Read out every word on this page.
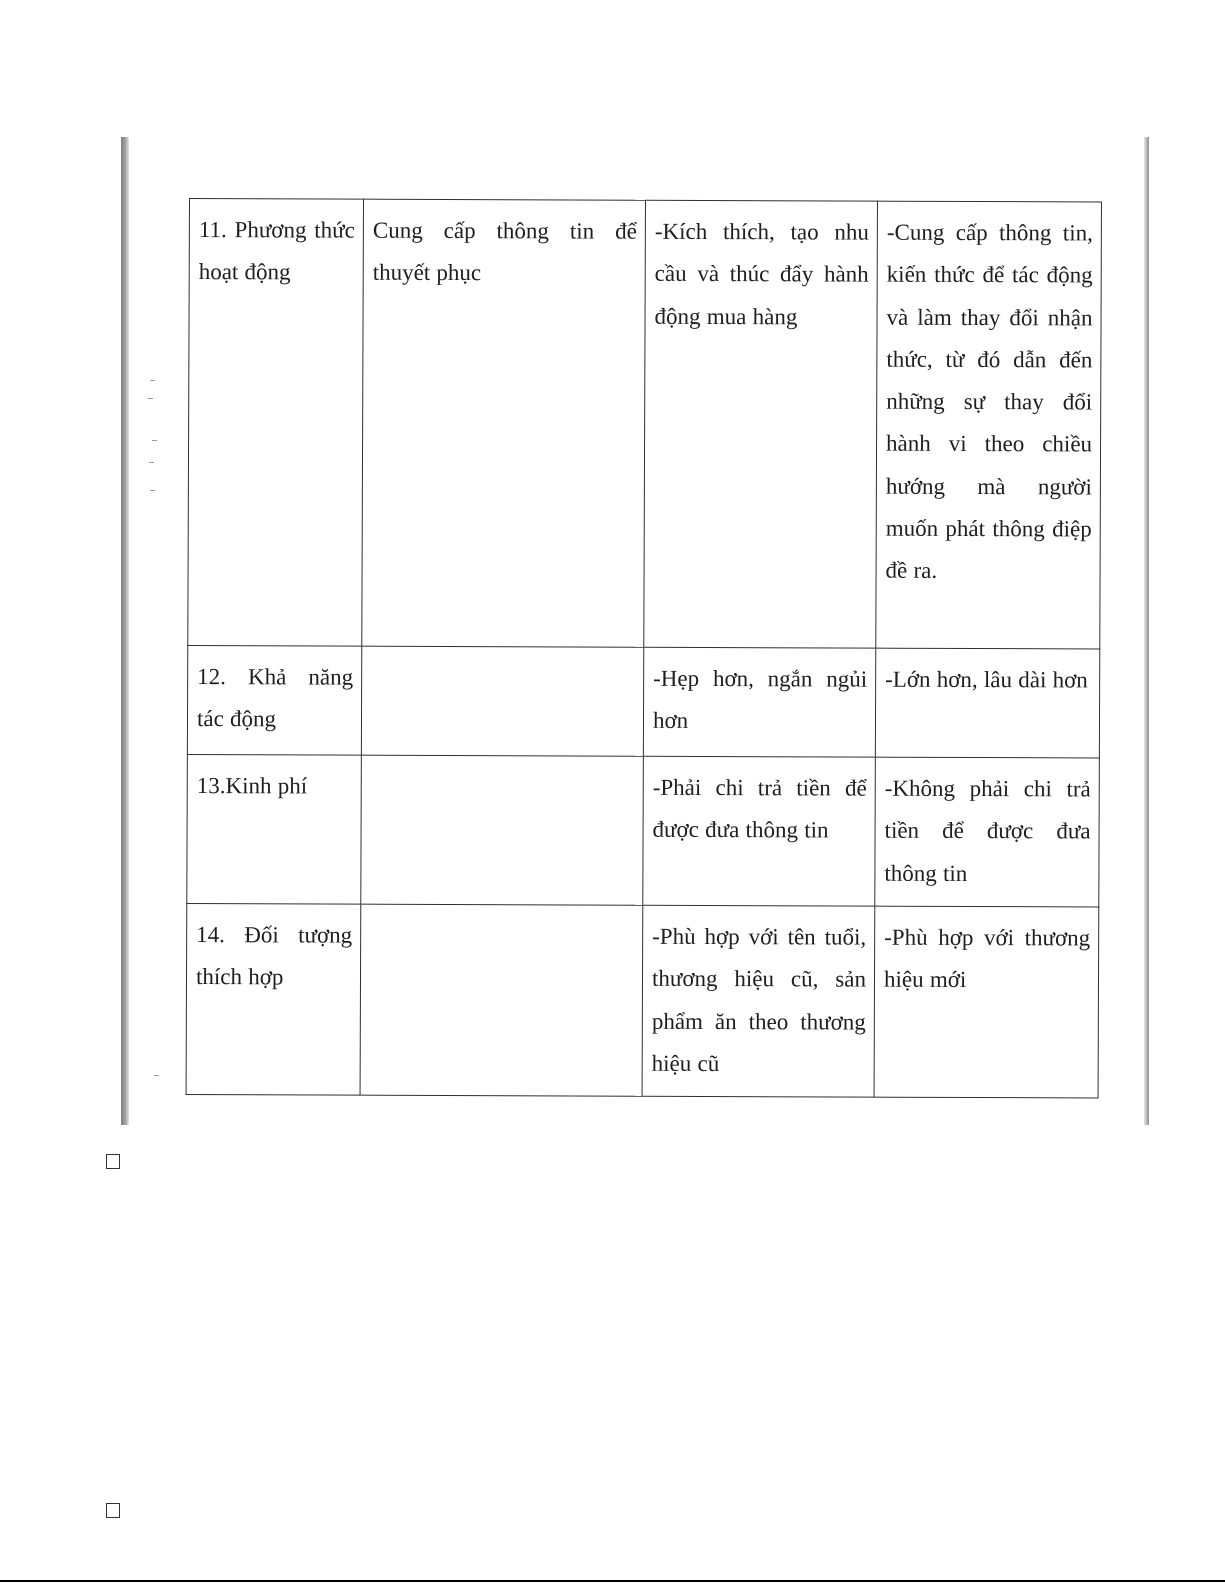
11. Phương thức hoạt động	Cung cấp thông tin để thuyết phục	-Kích thích, tạo nhu cầu và thúc đẩy hành động mua hàng	-Cung cấp thông tin, kiến thức để tác động và làm thay đổi nhận thức, từ đó dẫn đến những sự thay đổi hành vi theo chiều hướng mà người muốn phát thông điệp đề ra.

12. Khả năng tác động		-Hẹp hơn, ngắn ngủi hơn	-Lớn hơn, lâu dài hơn

13.Kinh phí		-Phải chi trả tiền để được đưa thông tin	-Không phải chi trả tiền để được đưa thông tin

14. Đối tượng thích hợp		-Phù hợp với tên tuổi, thương hiệu cũ, sản phẩm ăn theo thương hiệu cũ	-Phù hợp với thương hiệu mới
